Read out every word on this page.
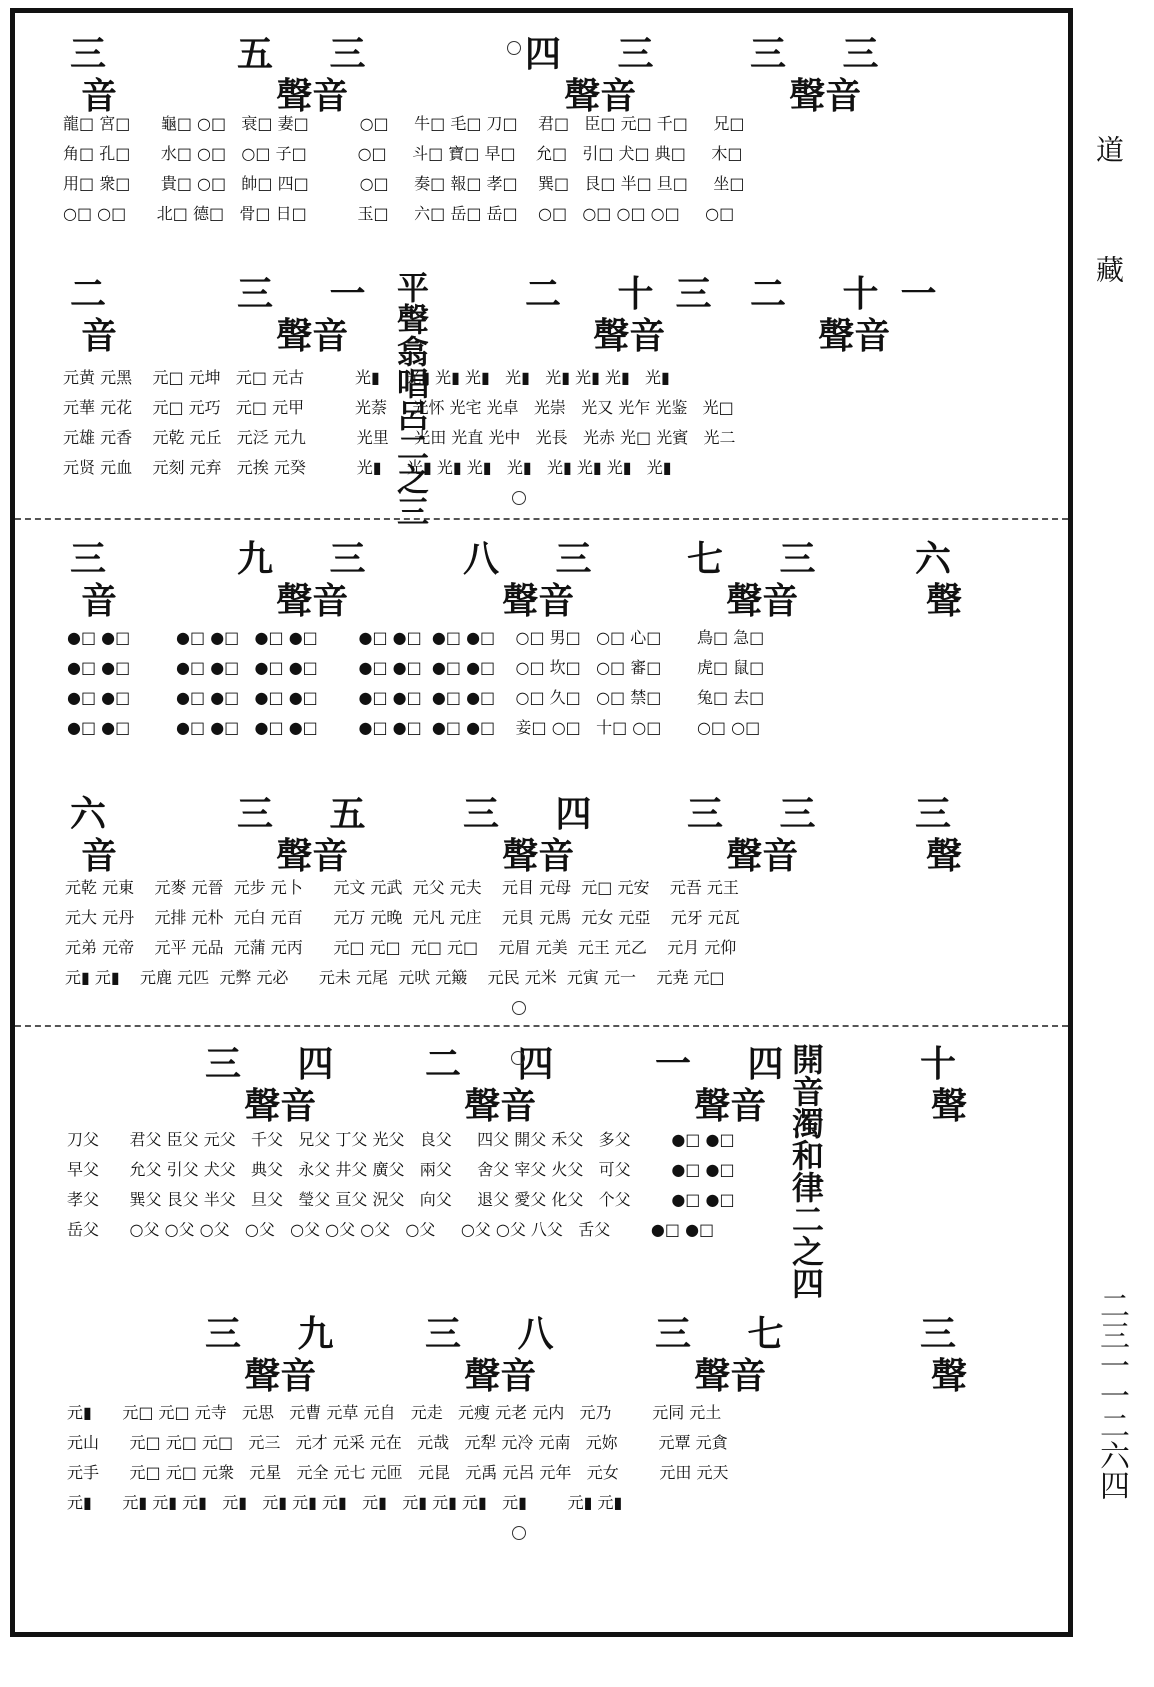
三
音
五 三
聲音
四 三
聲音
三 三
聲音
龍□ 宮□ 龜□ ○□ 衰□ 妻□	○□ 牛□ 毛□ 刀□ 君□ 臣□ 元□ 千□ 兄□
角□ 孔□ 水□ ○□ ○□ 子□	○□ 斗□ 寶□ 早□ 允□ 引□ 犬□ 典□ 木□
用□ 衆□ 貴□ ○□ 帥□ 四□	○□ 奏□ 報□ 孝□ 巽□ 艮□ 半□ 旦□ 坐□
○□ ○□ 北□ 德□ 骨□ 日□	玉□ 六□ 岳□ 岳□ ○□ ○□ ○□ ○□ ○□
二
音
三 一
聲音	平聲翕唱呂二之三	二 十三
聲音
二 十一
聲音
元黄 元黑 元□ 元坤 元□ 元古	光▮ 光▮ 光▮ 光▮ 光▮ 光▮ 光▮ 光▮ 光▮
元華 元花 元□ 元巧 元□ 元甲	光萘 光怀 光宅 光卓 光崇 光又 光乍 光鉴 光□
元雄 元香 元乾 元丘 元泛 元九	光里 光田 光直 光中 光長 光赤 光□ 光賓 光二
元贤 元血 元刻 元弃 元挨 元癸	光▮ 光▮ 光▮ 光▮ 光▮ 光▮ 光▮ 光▮ 光▮
三
音
九 三
聲音
八 三
聲音
七 三
聲音
六
聲
●□ ●□	●□ ●□ ●□ ●□	●□ ●□ ●□ ●□ ○□ 男□ ○□ 心□ 鳥□ 急□
●□ ●□	●□ ●□ ●□ ●□	●□ ●□ ●□ ●□ ○□ 坎□ ○□ 審□ 虎□ 鼠□
●□ ●□	●□ ●□ ●□ ●□	●□ ●□ ●□ ●□ ○□ 久□ ○□ 禁□ 兔□ 去□
●□ ●□	●□ ●□ ●□ ●□	●□ ●□ ●□ ●□ 妾□ ○□ 十□ ○□ ○□ ○□
六
音
三 五
聲音
三 四
聲音
三 三
聲音
三
聲
元乾 元東 元麥 元晉 元步 元卜 元文 元武 元父 元夫 元目 元母 元□ 元安 元吾 元王
元大 元丹 元排 元朴 元白 元百 元万 元晚 元凡 元庄 元貝 元馬 元女 元亞 元牙 元瓦
元弟 元帝 元平 元品 元蒲 元丙 元□ 元□ 元□ 元□ 元眉 元美 元王 元乙 元月 元仰
元▮ 元▮ 元鹿 元匹 元弊 元必 元未 元尾 元吠 元簸 元民 元米 元寅 元一 元尭 元□
三 四
聲音
二 四
聲音
一 四
聲音 開音濁和律二之四	十
聲
刀父 君父 臣父 元父 千父 兄父 丁父 光父 良父 四父 開父 禾父 多父	●□ ●□
早父 允父 引父 犬父 典父 永父 井父 廣父 兩父 舍父 宰父 火父 可父	●□ ●□
孝父 巽父 艮父 半父 旦父 瑩父 亘父 況父 向父 退父 愛父 化父 个父	●□ ●□
岳父 ○父 ○父 ○父 ○父 ○父 ○父 ○父 ○父 ○父 ○父 八父 舌父	●□ ●□
三 九
聲音
三 八
聲音
三 七
聲音
三
聲
元▮ 元□ 元□ 元寺 元思 元曹 元草 元自 元走 元瘦 元老 元内 元乃	元同 元土
元山 元□ 元□ 元□ 元三 元才 元采 元在 元哉 元犁 元冷 元南 元妳	元覃 元貪
元手 元□ 元□ 元衆 元星 元全 元七 元匝 元昆 元禹 元呂 元年 元女	元田 元天
元▮ 元▮ 元▮ 元▮ 元▮ 元▮ 元▮ 元▮ 元▮ 元▮ 元▮ 元▮ 元▮	元▮ 元▮
道
藏
二三一一二六四
